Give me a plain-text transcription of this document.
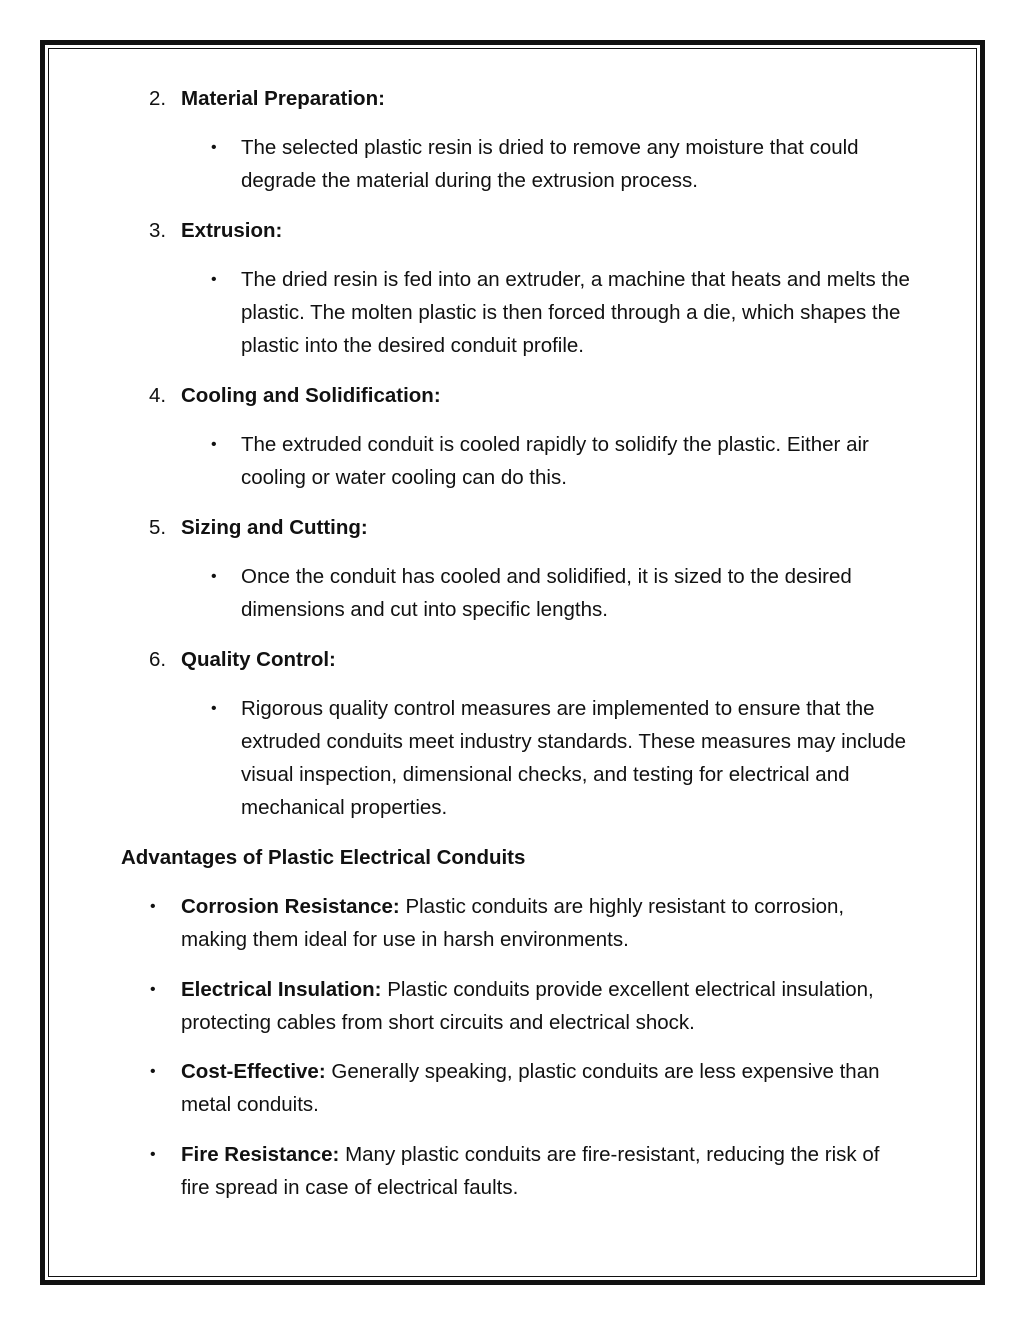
2. Material Preparation:
• The selected plastic resin is dried to remove any moisture that could degrade the material during the extrusion process.
3. Extrusion:
• The dried resin is fed into an extruder, a machine that heats and melts the plastic. The molten plastic is then forced through a die, which shapes the plastic into the desired conduit profile.
4. Cooling and Solidification:
• The extruded conduit is cooled rapidly to solidify the plastic. Either air cooling or water cooling can do this.
5. Sizing and Cutting:
• Once the conduit has cooled and solidified, it is sized to the desired dimensions and cut into specific lengths.
6. Quality Control:
• Rigorous quality control measures are implemented to ensure that the extruded conduits meet industry standards. These measures may include visual inspection, dimensional checks, and testing for electrical and mechanical properties.
Advantages of Plastic Electrical Conduits
• Corrosion Resistance: Plastic conduits are highly resistant to corrosion, making them ideal for use in harsh environments.
• Electrical Insulation: Plastic conduits provide excellent electrical insulation, protecting cables from short circuits and electrical shock.
• Cost-Effective: Generally speaking, plastic conduits are less expensive than metal conduits.
• Fire Resistance: Many plastic conduits are fire-resistant, reducing the risk of fire spread in case of electrical faults.
